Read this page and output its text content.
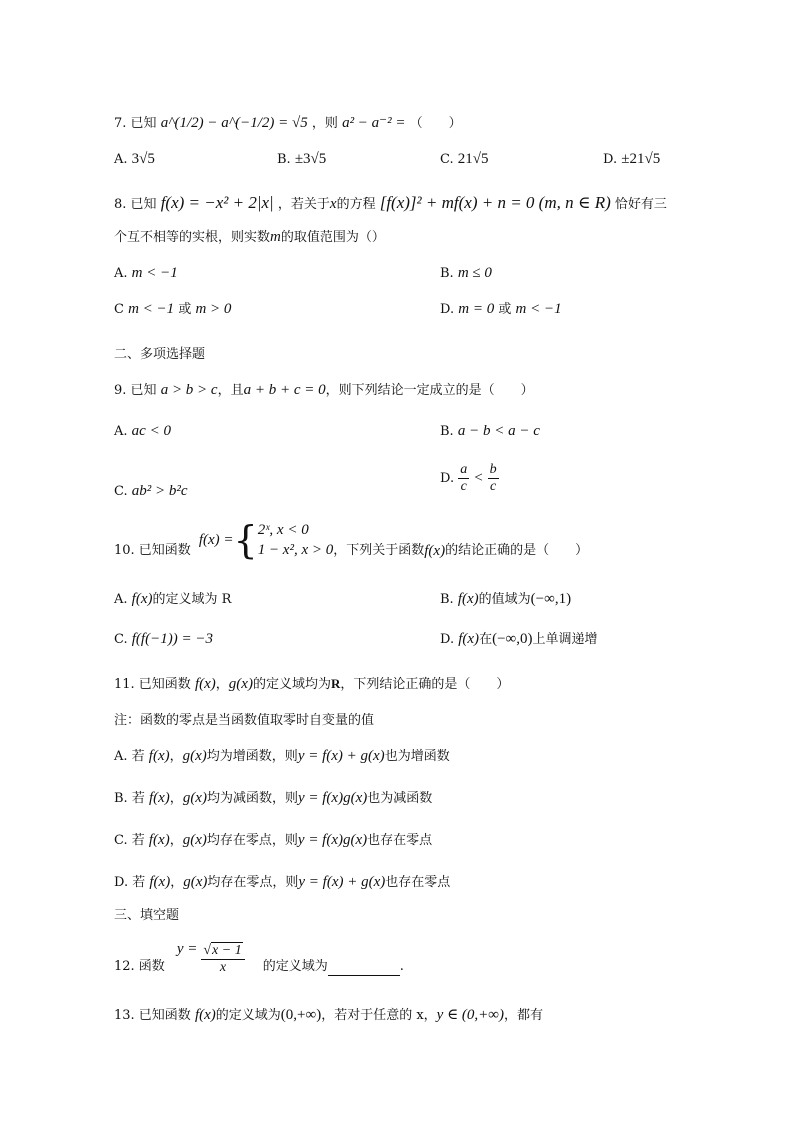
7. 已知 a^(1/2) − a^(−1/2) = √5 ，则 a² − a⁻² = （　　）
A. 3√5	B. ±3√5	C. 21√5	D. ±21√5
8. 已知 f(x) = −x² + 2|x| ，若关于x的方程 [f(x)]² + mf(x) + n = 0 (m, n ∈ R) 恰好有三
个互不相等的实根，则实数m的取值范围为（）
A. m < −1	B. m ≤ 0
C m < −1 或 m > 0	D. m = 0 或 m < −1
二、多项选择题
9. 已知 a > b > c，且a + b + c = 0，则下列结论一定成立的是（　　）
A. ac < 0	B. a − b < a − c
C. ab² > b²c
D. $\frac{a}{c} < \frac{b}{c}$
10. 已知函数
f(x) = { 2ˣ, x < 0
1 − x², x > 0 ，下列关于函数 f(x) 的结论正确的是（　　）
A. f(x)的定义域为 R	B. f(x)的值域为(−∞,1)
C. f(f(−1)) = −3	D. f(x)在(−∞,0)上单调递增
11. 已知函数 f(x)，g(x)的定义域均为R，下列结论正确的是（　　）
注：函数的零点是当函数值取零时自变量的值
A. 若 f(x)，g(x)均为增函数，则y = f(x) + g(x)也为增函数
B. 若 f(x)，g(x)均为减函数，则y = f(x)g(x)也为减函数
C. 若 f(x)，g(x)均存在零点，则y = f(x)g(x)也存在零点
D. 若 f(x)，g(x)均存在零点，则y = f(x) + g(x)也存在零点
三、填空题
12. 函数
$y = \frac{√x - 1}{x}$ 的定义域为	.
13. 已知函数 f(x)的定义域为(0,+∞)，若对于任意的 x，y ∈ (0,+∞)，都有
